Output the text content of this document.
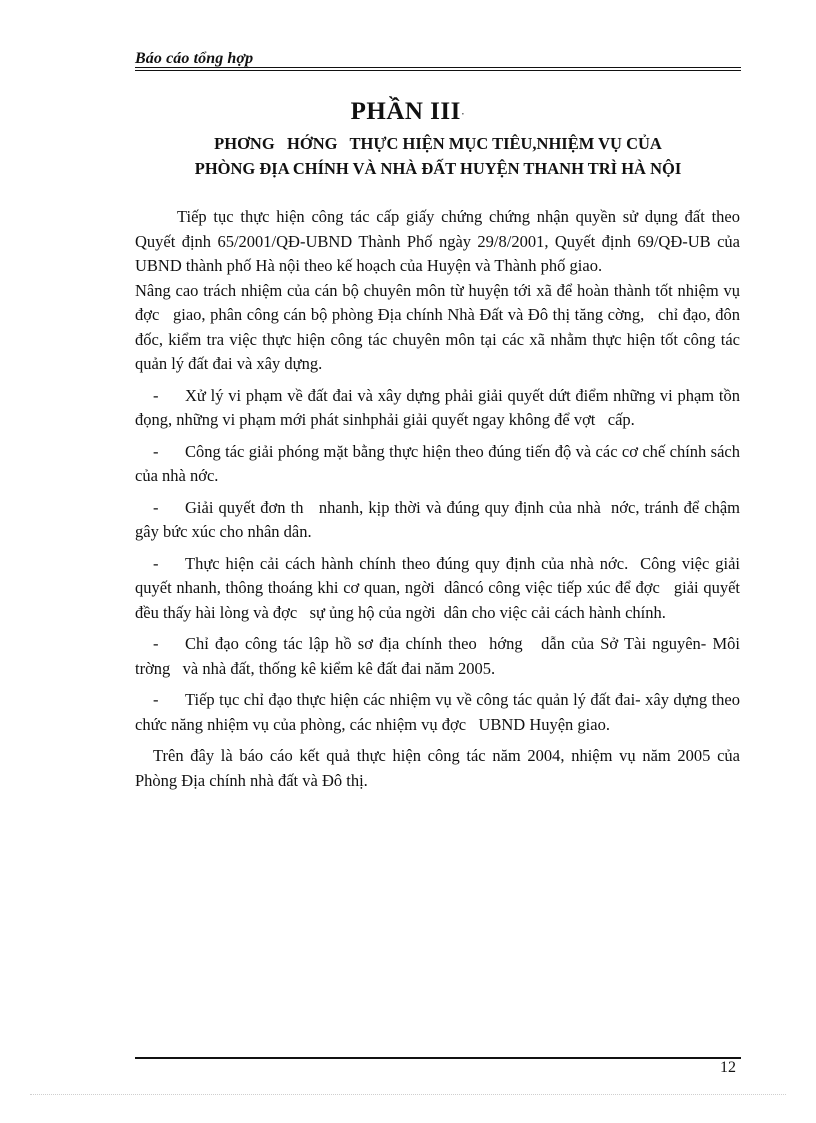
Báo cáo tổng hợp
PHẦN III·
PHƠNG   HỚNG   THỰC HIỆN MỤC TIÊU,NHIỆM VỤ CỦA
PHÒNG ĐỊA CHÍNH VÀ NHÀ ĐẤT HUYỆN THANH TRÌ HÀ NỘI

Tiếp tục thực hiện công tác cấp giấy chứng chứng nhận quyền sử dụng đất theo Quyết định 65/2001/QĐ-UBND Thành Phố ngày 29/8/2001, Quyết định 69/QĐ-UB của UBND thành phố Hà nội theo kế hoạch của Huyện và Thành phố giao.

Nâng cao trách nhiệm của cán bộ chuyên môn từ huyện tới xã để hoàn thành tốt nhiệm vụ đợc   giao, phân công cán bộ phòng Địa chính Nhà Đất và Đô thị tăng cờng,   chỉ đạo, đôn đốc, kiểm tra việc thực hiện công tác chuyên môn tại các xã nhằm thực hiện tốt công tác quản lý đất đai và xây dựng.

- Xử lý vi phạm về đất đai và xây dựng phải giải quyết dứt điểm những vi phạm tồn đọng, những vi phạm mới phát sinhphải giải quyết ngay không để vợt   cấp.

- Công tác giải phóng mặt bằng thực hiện theo đúng tiến độ và các cơ chế chính sách của nhà nớc.

- Giải quyết đơn th   nhanh, kịp thời và đúng quy định của nhà  nớc, tránh để chậm gây bức xúc cho nhân dân.

- Thực hiện cải cách hành chính theo đúng quy định của nhà nớc.  Công việc giải quyết nhanh, thông thoáng khi cơ quan, ngời  dâncó công việc tiếp xúc để đợc   giải quyết đều thấy hài lòng và đợc   sự ủng hộ của ngời  dân cho việc cải cách hành chính.

- Chỉ đạo công tác lập hồ sơ địa chính theo  hớng   dẫn của Sở Tài nguyên- Môi trờng   và nhà đất, thống kê kiểm kê đất đai năm 2005.

- Tiếp tục chỉ đạo thực hiện các nhiệm vụ về công tác quản lý đất đai- xây dựng theo chức năng nhiệm vụ của phòng, các nhiệm vụ đợc   UBND Huyện giao.

Trên đây là báo cáo kết quả thực hiện công tác năm 2004, nhiệm vụ năm 2005 của Phòng Địa chính nhà đất và Đô thị.

12
